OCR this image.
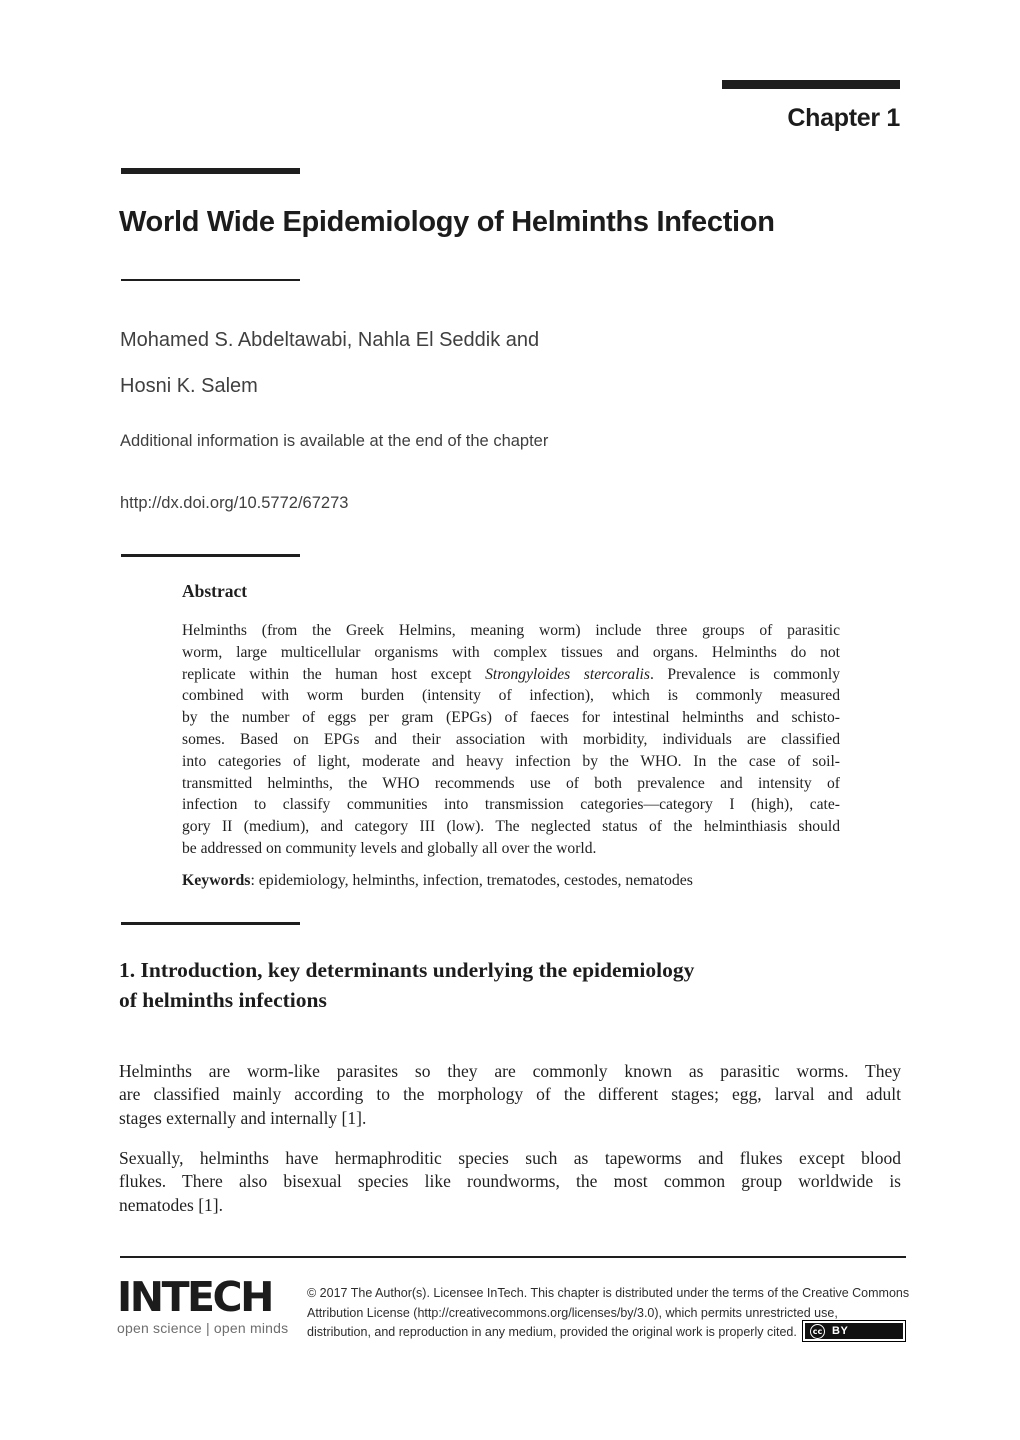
Chapter 1
World Wide Epidemiology of Helminths Infection
Mohamed S. Abdeltawabi, Nahla El Seddik and
Hosni K. Salem
Additional information is available at the end of the chapter
http://dx.doi.org/10.5772/67273
Abstract
Helminths (from the Greek Helmins, meaning worm) include three groups of parasitic
worm, large multicellular organisms with complex tissues and organs. Helminths do not
replicate within the human host except Strongyloides stercoralis. Prevalence is commonly
combined with worm burden (intensity of infection), which is commonly measured
by the number of eggs per gram (EPGs) of faeces for intestinal helminths and schisto-
somes. Based on EPGs and their association with morbidity, individuals are classified
into categories of light, moderate and heavy infection by the WHO. In the case of soil-
transmitted helminths, the WHO recommends use of both prevalence and intensity of
infection to classify communities into transmission categories—category I (high), cate-
gory II (medium), and category III (low). The neglected status of the helminthiasis should
be addressed on community levels and globally all over the world.
Keywords: epidemiology, helminths, infection, trematodes, cestodes, nematodes
1. Introduction, key determinants underlying the epidemiology
of helminths infections
Helminths are worm-like parasites so they are commonly known as parasitic worms. They
are classified mainly according to the morphology of the different stages; egg, larval and adult
stages externally and internally [1].
Sexually, helminths have hermaphroditic species such as tapeworms and flukes except blood
flukes. There also bisexual species like roundworms, the most common group worldwide is
nematodes [1].
INTECH
open science | open minds
© 2017 The Author(s). Licensee InTech. This chapter is distributed under the terms of the Creative Commons
Attribution License (http://creativecommons.org/licenses/by/3.0), which permits unrestricted use,
distribution, and reproduction in any medium, provided the original work is properly cited.	cc BY
